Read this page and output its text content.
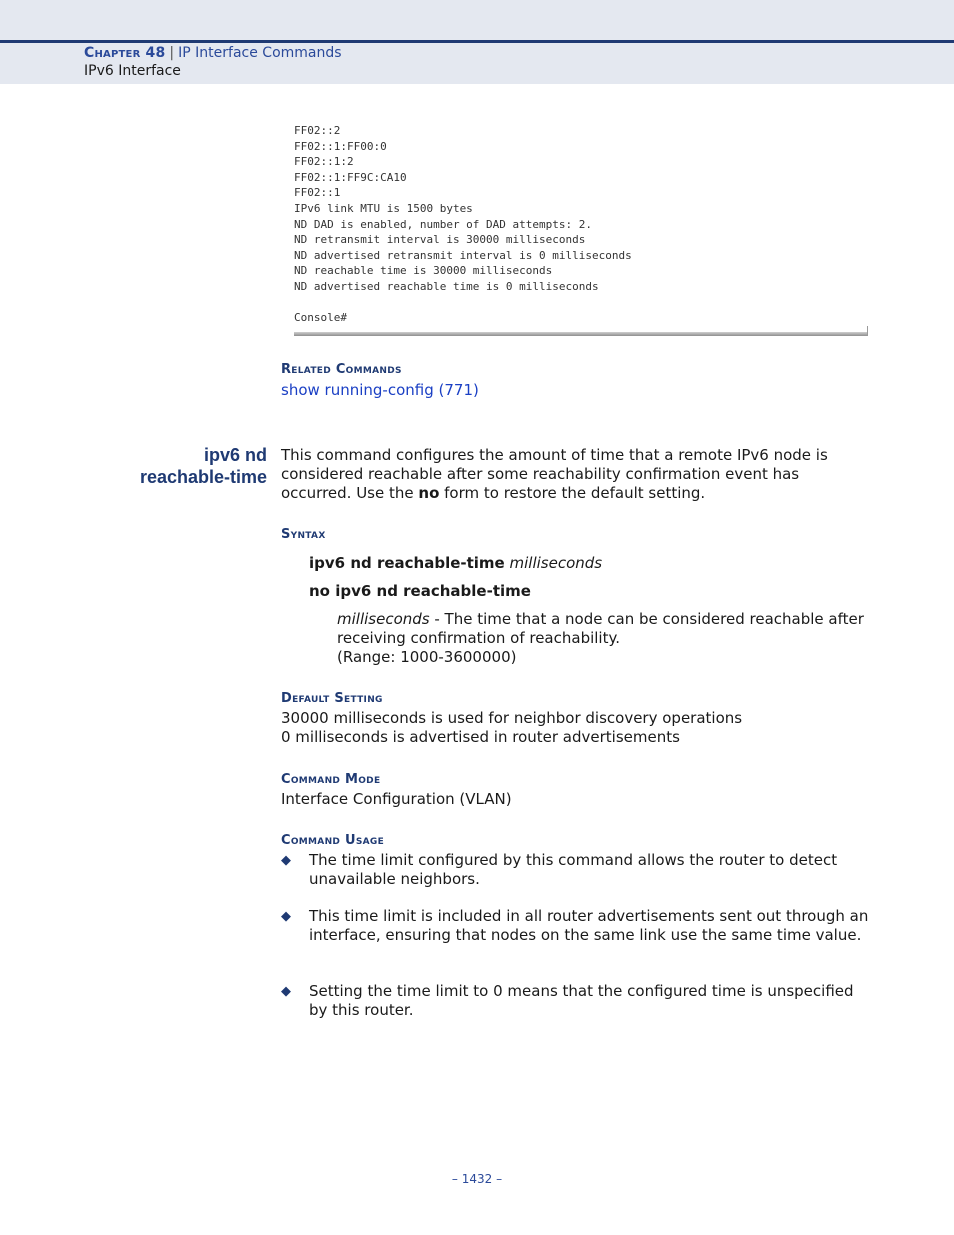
Chapter 48 | IP Interface Commands
IPv6 Interface
FF02::2
FF02::1:FF00:0
FF02::1:2
FF02::1:FF9C:CA10
FF02::1
IPv6 link MTU is 1500 bytes
ND DAD is enabled, number of DAD attempts: 2.
ND retransmit interval is 30000 milliseconds
ND advertised retransmit interval is 0 milliseconds
ND reachable time is 30000 milliseconds
ND advertised reachable time is 0 milliseconds
Console#
Related Commands
show running-config (771)
ipv6 nd
reachable-time
This command configures the amount of time that a remote IPv6 node is considered reachable after some reachability confirmation event has occurred. Use the no form to restore the default setting.
Syntax
ipv6 nd reachable-time milliseconds
no ipv6 nd reachable-time
milliseconds - The time that a node can be considered reachable after receiving confirmation of reachability.
(Range: 1000-3600000)
Default Setting
30000 milliseconds is used for neighbor discovery operations
0 milliseconds is advertised in router advertisements
Command Mode
Interface Configuration (VLAN)
Command Usage
◆ The time limit configured by this command allows the router to detect unavailable neighbors.
◆ This time limit is included in all router advertisements sent out through an interface, ensuring that nodes on the same link use the same time value.
◆ Setting the time limit to 0 means that the configured time is unspecified by this router.
– 1432 –
